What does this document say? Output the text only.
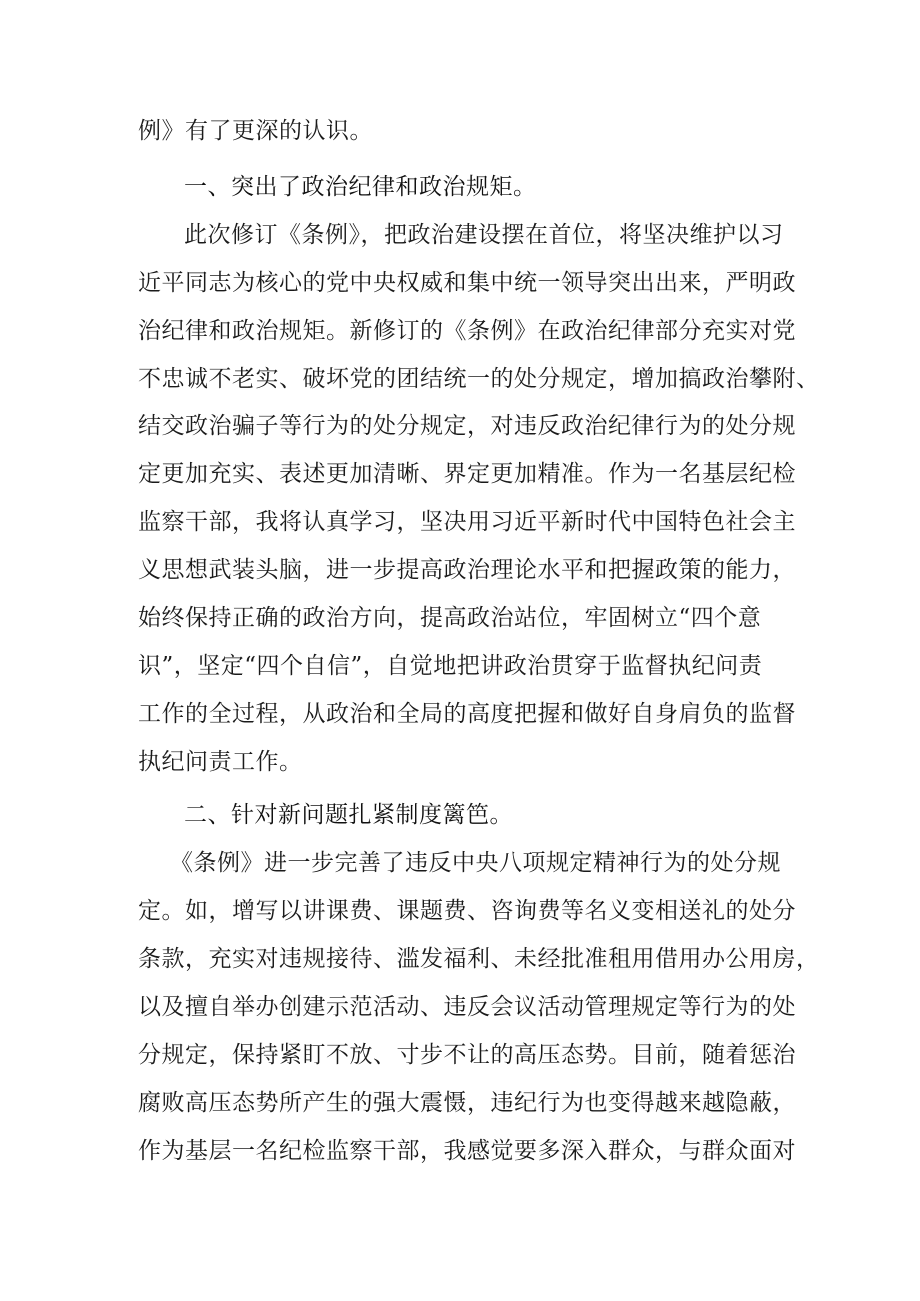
例》有了更深的认识。

一、突出了政治纪律和政治规矩。

此次修订《条例》，把政治建设摆在首位，将坚决维护以习

近平同志为核心的党中央权威和集中统一领导突出出来，严明政

治纪律和政治规矩。新修订的《条例》在政治纪律部分充实对党

不忠诚不老实、破坏党的团结统一的处分规定，增加搞政治攀附、

结交政治骗子等行为的处分规定，对违反政治纪律行为的处分规

定更加充实、表述更加清晰、界定更加精准。作为一名基层纪检

监察干部，我将认真学习，坚决用习近平新时代中国特色社会主

义思想武装头脑，进一步提高政治理论水平和把握政策的能力，

始终保持正确的政治方向，提高政治站位，牢固树立“四个意

识”，坚定“四个自信”，自觉地把讲政治贯穿于监督执纪问责

工作的全过程，从政治和全局的高度把握和做好自身肩负的监督

执纪问责工作。

二、针对新问题扎紧制度篱笆。

《条例》进一步完善了违反中央八项规定精神行为的处分规

定。如，增写以讲课费、课题费、咨询费等名义变相送礼的处分

条款，充实对违规接待、滥发福利、未经批准租用借用办公用房，

以及擅自举办创建示范活动、违反会议活动管理规定等行为的处

分规定，保持紧盯不放、寸步不让的高压态势。目前，随着惩治

腐败高压态势所产生的强大震慑，违纪行为也变得越来越隐蔽，

作为基层一名纪检监察干部，我感觉要多深入群众，与群众面对
